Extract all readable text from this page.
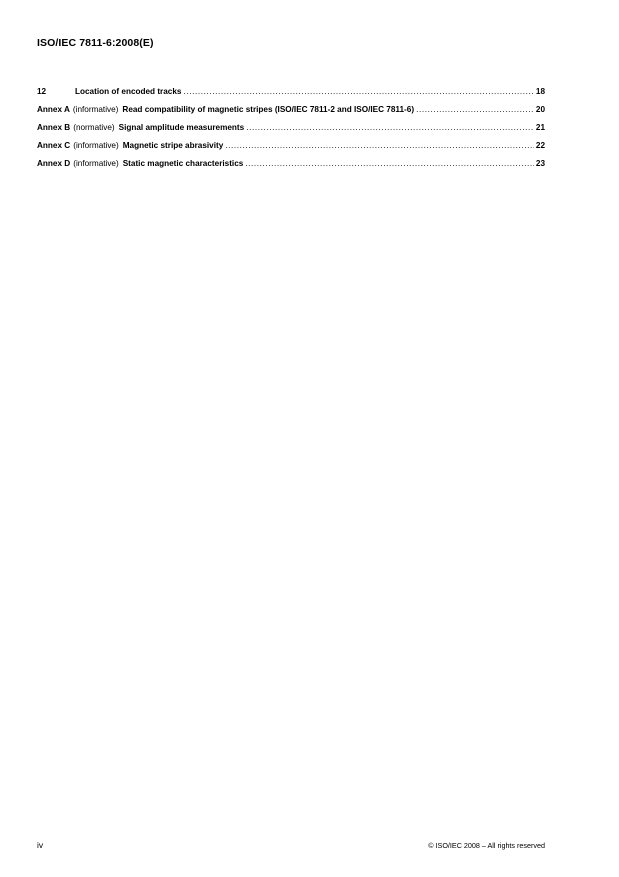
ISO/IEC 7811-6:2008(E)
12	Location of encoded tracks .....	18
Annex A (informative) Read compatibility of magnetic stripes (ISO/IEC 7811-2 and ISO/IEC 7811-6) .....	20
Annex B (normative) Signal amplitude measurements .....	21
Annex C (informative) Magnetic stripe abrasivity .....	22
Annex D (informative) Static magnetic characteristics .....	23
iv	© ISO/IEC 2008 – All rights reserved
